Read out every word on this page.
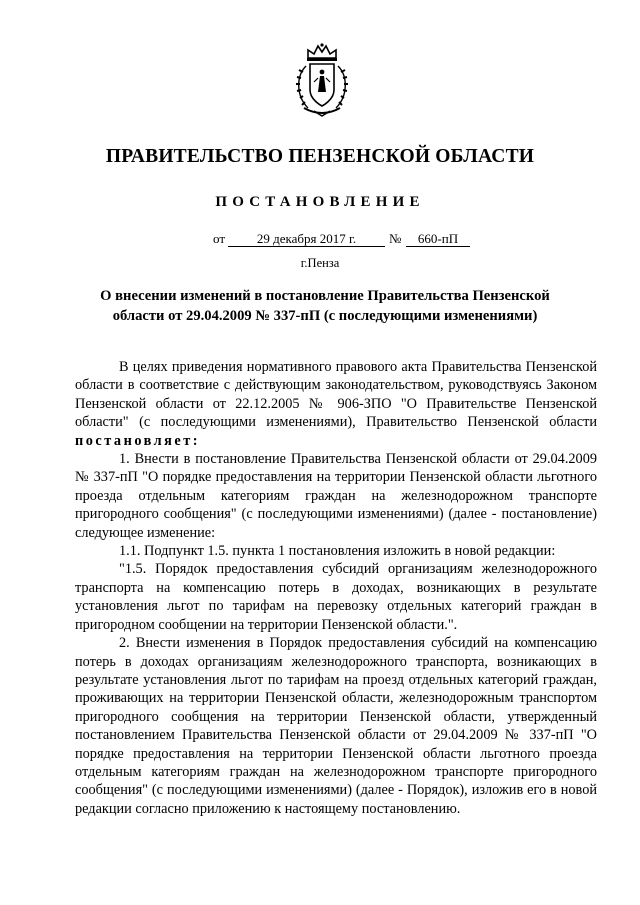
ПРАВИТЕЛЬСТВО ПЕНЗЕНСКОЙ ОБЛАСТИ
ПОСТАНОВЛЕНИЕ
от	29 декабря 2017 г.	№	660-пП
г.Пенза
О внесении изменений в постановление Правительства Пензенской
области от 29.04.2009 № 337-пП (с последующими изменениями)

В целях приведения нормативного правового акта Правительства Пензенской области в соответствие с действующим законодательством, руководствуясь Законом Пензенской области от 22.12.2005 № 906-ЗПО "О Правительстве Пензенской области" (с последующими изменениями), Правительство Пензенской области постановляет:

1. Внести в постановление Правительства Пензенской области от 29.04.2009 № 337-пП "О порядке предоставления на территории Пензенской области льготного проезда отдельным категориям граждан на железнодорожном транспорте пригородного сообщения" (с последующими изменениями) (далее - постановление) следующее изменение:

1.1. Подпункт 1.5. пункта 1 постановления изложить в новой редакции:

"1.5. Порядок предоставления субсидий организациям железнодорожного транспорта на компенсацию потерь в доходах, возникающих в результате установления льгот по тарифам на перевозку отдельных категорий граждан в пригородном сообщении на территории Пензенской области.".

2. Внести изменения в Порядок предоставления субсидий на компенсацию потерь в доходах организациям железнодорожного транспорта, возникающих в результате установления льгот по тарифам на проезд отдельных категорий граждан, проживающих на территории Пензенской области, железнодорожным транспортом пригородного сообщения на территории Пензенской области, утвержденный постановлением Правительства Пензенской области от 29.04.2009 № 337-пП "О порядке предоставления на территории Пензенской области льготного проезда отдельным категориям граждан на железнодорожном транспорте пригородного сообщения" (с последующими изменениями) (далее - Порядок), изложив его в новой редакции согласно приложению к настоящему постановлению.
